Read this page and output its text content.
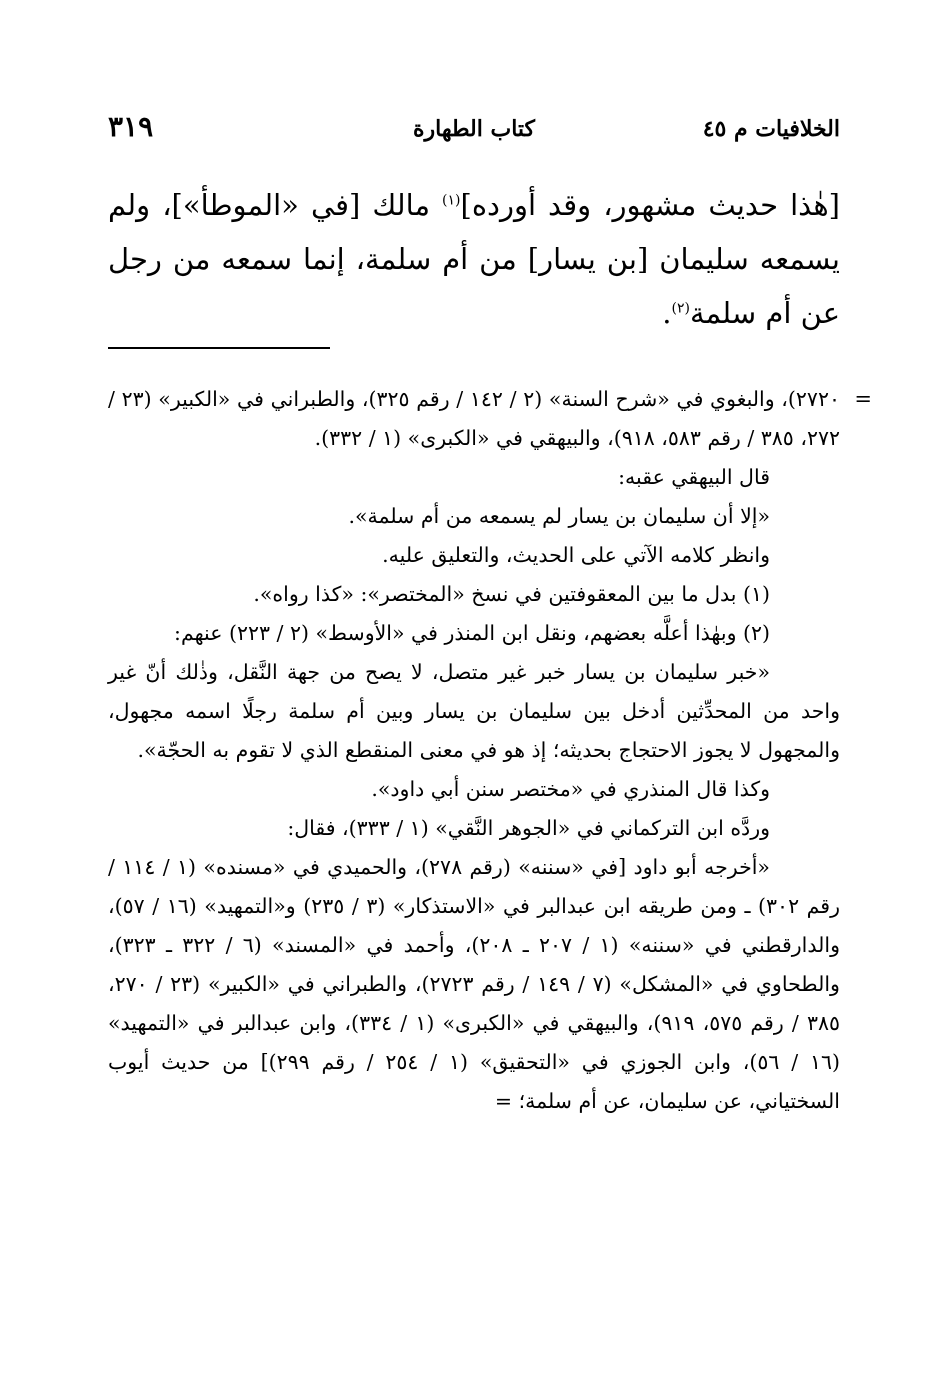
الخلافيات م ٤٥
كتاب الطهارة
٣١٩

[هٰذا حديث مشهور، وقد أورده]$^{(١)}$ مالك [في «الموطأ»]، ولم يسمعه سليمان [بن يسار] من أم سلمة، إنما سمعه من رجل عن أم سلمة$^{(٢)}$.

=

٢٧٢٠)، والبغوي في «شرح السنة» (٢ / ١٤٢ / رقم ٣٢٥)، والطبراني في «الكبير» (٢٣ / ٢٧٢، ٣٨٥ / رقم ٥٨٣، ٩١٨)، والبيهقي في «الكبرى» (١ / ٣٣٢).

قال البيهقي عقبه:

«إلا أن سليمان بن يسار لم يسمعه من أم سلمة».

وانظر كلامه الآتي على الحديث، والتعليق عليه.

(١) بدل ما بين المعقوفتين في نسخ «المختصر»: «كذا رواه».

(٢) وبهٰذا أعلَّه بعضهم، ونقل ابن المنذر في «الأوسط» (٢ / ٢٢٣) عنهم:

«خبر سليمان بن يسار خبر غير متصل، لا يصح من جهة النَّقل، وذٰلك أنّ غير واحد من المحدِّثين أدخل بين سليمان بن يسار وبين أم سلمة رجلًا اسمه مجهول، والمجهول لا يجوز الاحتجاج بحديثه؛ إذ هو في معنى المنقطع الذي لا تقوم به الحجّة».

وكذا قال المنذري في «مختصر سنن أبي داود».

وردَّه ابن التركماني في «الجوهر النَّقي» (١ / ٣٣٣)، فقال:

«أخرجه أبو داود [في «سننه» (رقم ٢٧٨)، والحميدي في «مسنده» (١ / ١١٤ / رقم ٣٠٢) ـ ومن طريقه ابن عبدالبر في «الاستذكار» (٣ / ٢٣٥) و«التمهيد» (١٦ / ٥٧)، والدارقطني في «سننه» (١ / ٢٠٧ ـ ٢٠٨)، وأحمد في «المسند» (٦ / ٣٢٢ ـ ٣٢٣)، والطحاوي في «المشكل» (٧ / ١٤٩ / رقم ٢٧٢٣)، والطبراني في «الكبير» (٢٣ / ٢٧٠، ٣٨٥ / رقم ٥٧٥، ٩١٩)، والبيهقي في «الكبرى» (١ / ٣٣٤)، وابن عبدالبر في «التمهيد» (١٦ / ٥٦)، وابن الجوزي في «التحقيق» (١ / ٢٥٤ / رقم ٢٩٩)] من حديث أيوب السختياني، عن سليمان، عن أم سلمة؛ =
